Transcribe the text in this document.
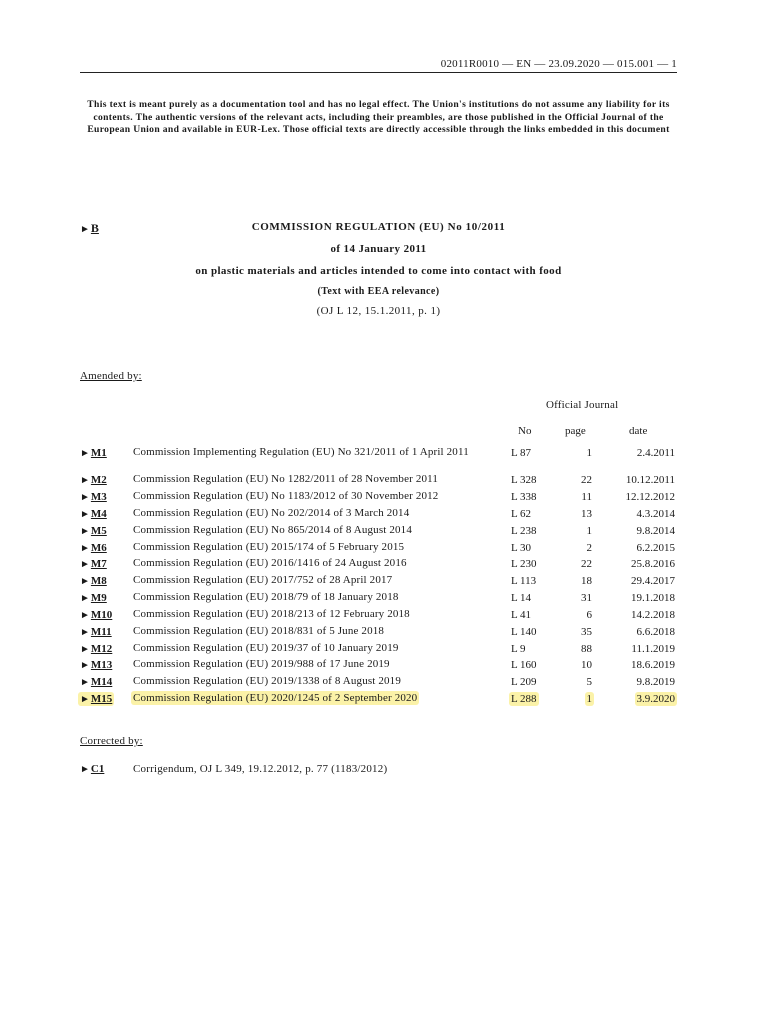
02011R0010 — EN — 23.09.2020 — 015.001 — 1
This text is meant purely as a documentation tool and has no legal effect. The Union's institutions do not assume any liability for its contents. The authentic versions of the relevant acts, including their preambles, are those published in the Official Journal of the European Union and available in EUR-Lex. Those official texts are directly accessible through the links embedded in this document
►B	COMMISSION REGULATION (EU) No 10/2011
of 14 January 2011
on plastic materials and articles intended to come into contact with food
(Text with EEA relevance)
(OJ L 12, 15.1.2011, p. 1)
Amended by:
Official Journal
No	page	date
►M1 Commission Implementing Regulation (EU) No 321/2011 of 1 April 2011	L 87	1	2.4.2011
►M2 Commission Regulation (EU) No 1282/2011 of 28 November 2011	L 328	22	10.12.2011
►M3 Commission Regulation (EU) No 1183/2012 of 30 November 2012	L 338	11	12.12.2012
►M4 Commission Regulation (EU) No 202/2014 of 3 March 2014	L 62	13	4.3.2014
►M5 Commission Regulation (EU) No 865/2014 of 8 August 2014	L 238	1	9.8.2014
►M6 Commission Regulation (EU) 2015/174 of 5 February 2015	L 30	2	6.2.2015
►M7 Commission Regulation (EU) 2016/1416 of 24 August 2016	L 230	22	25.8.2016
►M8 Commission Regulation (EU) 2017/752 of 28 April 2017	L 113	18	29.4.2017
►M9 Commission Regulation (EU) 2018/79 of 18 January 2018	L 14	31	19.1.2018
►M10 Commission Regulation (EU) 2018/213 of 12 February 2018	L 41	6	14.2.2018
►M11 Commission Regulation (EU) 2018/831 of 5 June 2018	L 140	35	6.6.2018
►M12 Commission Regulation (EU) 2019/37 of 10 January 2019	L 9	88	11.1.2019
►M13 Commission Regulation (EU) 2019/988 of 17 June 2019	L 160	10	18.6.2019
►M14 Commission Regulation (EU) 2019/1338 of 8 August 2019	L 209	5	9.8.2019
►M15 Commission Regulation (EU) 2020/1245 of 2 September 2020	L 288	1	3.9.2020
Corrected by:
►C1	Corrigendum, OJ L 349, 19.12.2012, p. 77 (1183/2012)
